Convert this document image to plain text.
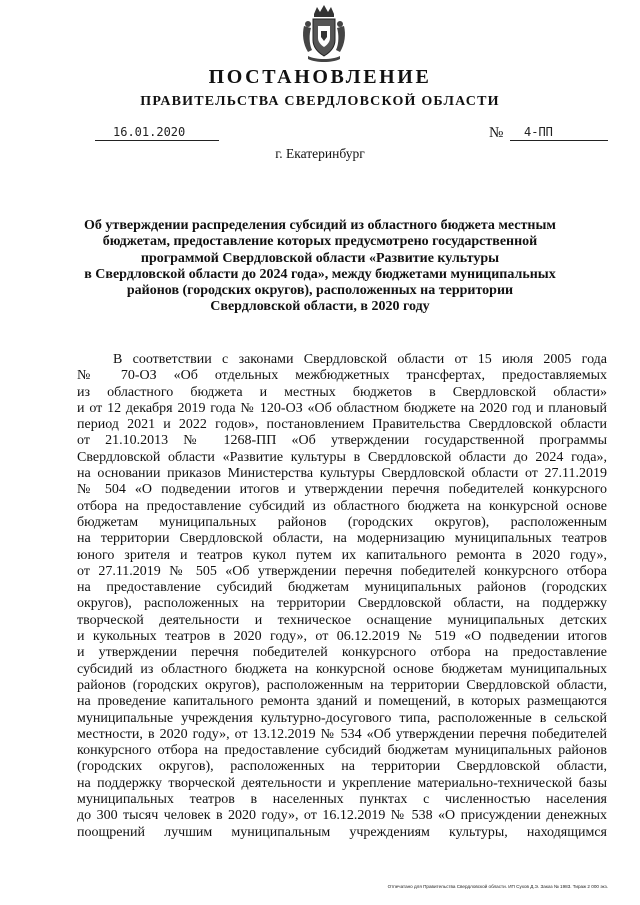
ПОСТАНОВЛЕНИЕ
ПРАВИТЕЛЬСТВА СВЕРДЛОВСКОЙ ОБЛАСТИ
16.01.2020	№ 4-ПП
г. Екатеринбург
Об утверждении распределения субсидий из областного бюджета местным
бюджетам, предоставление которых предусмотрено государственной
программой Свердловской области «Развитие культуры
в Свердловской области до 2024 года», между бюджетами муниципальных
районов (городских округов), расположенных на территории
Свердловской области, в 2020 году
В соответствии с законами Свердловской области от 15 июля 2005 года
№ 70-ОЗ «Об отдельных межбюджетных трансфертах, предоставляемых
из областного бюджета и местных бюджетов в Свердловской области»
и от 12 декабря 2019 года № 120-ОЗ «Об областном бюджете на 2020 год и плановый
период 2021 и 2022 годов», постановлением Правительства Свердловской области
от 21.10.2013 № 1268-ПП «Об утверждении государственной программы
Свердловской области «Развитие культуры в Свердловской области до 2024 года»,
на основании приказов Министерства культуры Свердловской области от 27.11.2019
№ 504 «О подведении итогов и утверждении перечня победителей конкурсного
отбора на предоставление субсидий из областного бюджета на конкурсной основе
бюджетам муниципальных районов (городских округов), расположенным
на территории Свердловской области, на модернизацию муниципальных театров
юного зрителя и театров кукол путем их капитального ремонта в 2020 году»,
от 27.11.2019 № 505 «Об утверждении перечня победителей конкурсного отбора
на предоставление субсидий бюджетам муниципальных районов (городских
округов), расположенных на территории Свердловской области, на поддержку
творческой деятельности и техническое оснащение муниципальных детских
и кукольных театров в 2020 году», от 06.12.2019 № 519 «О подведении итогов
и утверждении перечня победителей конкурсного отбора на предоставление
субсидий из областного бюджета на конкурсной основе бюджетам муниципальных
районов (городских округов), расположенным на территории Свердловской области,
на проведение капитального ремонта зданий и помещений, в которых размещаются
муниципальные учреждения культурно-досугового типа, расположенные в сельской
местности, в 2020 году», от 13.12.2019 № 534 «Об утверждении перечня победителей
конкурсного отбора на предоставление субсидий бюджетам муниципальных районов
(городских округов), расположенных на территории Свердловской области,
на поддержку творческой деятельности и укрепление материально-технической базы
муниципальных театров в населенных пунктах с численностью населения
до 300 тысяч человек в 2020 году», от 16.12.2019 № 538 «О присуждении денежных
поощрений лучшим муниципальным учреждениям культуры, находящимся
Отпечатано для Правительства Свердловской области. ИП Сухов Д.Э. Заказ № 1983. Тираж 2 000 экз.
